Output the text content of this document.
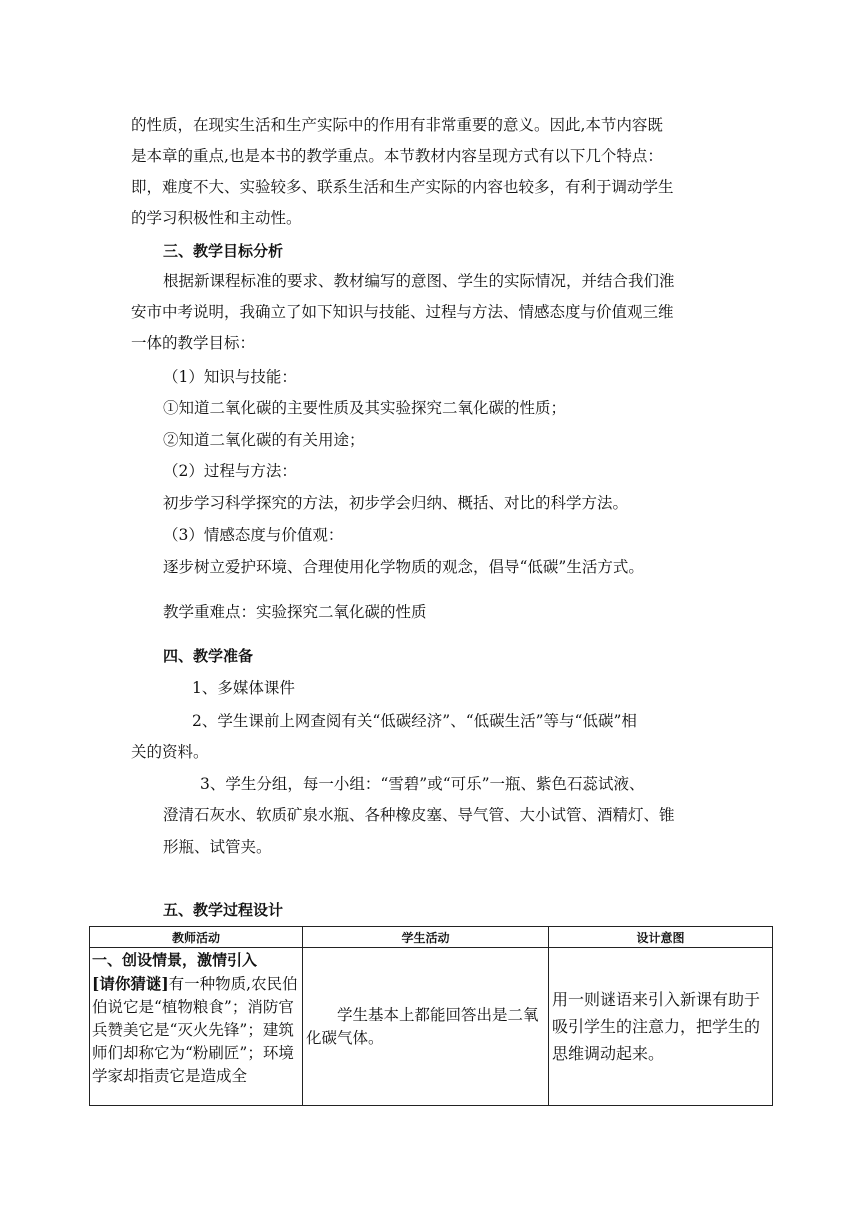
的性质，在现实生活和生产实际中的作用有非常重要的意义。因此,本节内容既
是本章的重点,也是本书的教学重点。本节教材内容呈现方式有以下几个特点：
即，难度不大、实验较多、联系生活和生产实际的内容也较多，有利于调动学生
的学习积极性和主动性。
三、教学目标分析
根据新课程标准的要求、教材编写的意图、学生的实际情况，并结合我们淮
安市中考说明，我确立了如下知识与技能、过程与方法、情感态度与价值观三维
一体的教学目标：
（1）知识与技能：
①知道二氧化碳的主要性质及其实验探究二氧化碳的性质；
②知道二氧化碳的有关用途；
（2）过程与方法：
初步学习科学探究的方法，初步学会归纳、概括、对比的科学方法。
（3）情感态度与价值观：
逐步树立爱护环境、合理使用化学物质的观念，倡导“低碳”生活方式。
教学重难点：实验探究二氧化碳的性质
四、教学准备
1、多媒体课件
2、学生课前上网查阅有关“低碳经济”、“低碳生活”等与“低碳”相
关的资料。
3、学生分组，每一小组：“雪碧”或“可乐”一瓶、紫色石蕊试液、
澄清石灰水、软质矿泉水瓶、各种橡皮塞、导气管、大小试管、酒精灯、锥
形瓶、试管夹。
五、教学过程设计
教师活动	学生活动	设计意图
一、创设情景，激情引入
[请你猜谜]有一种物质,农民伯伯说它是“植物粮食”；消防官兵赞美它是“灭火先锋”；建筑师们却称它为“粉刷匠”；环境学家却指责它是造成全	学生基本上都能回答出是二氧化碳气体。	用一则谜语来引入新课有助于吸引学生的注意力，把学生的思维调动起来。
